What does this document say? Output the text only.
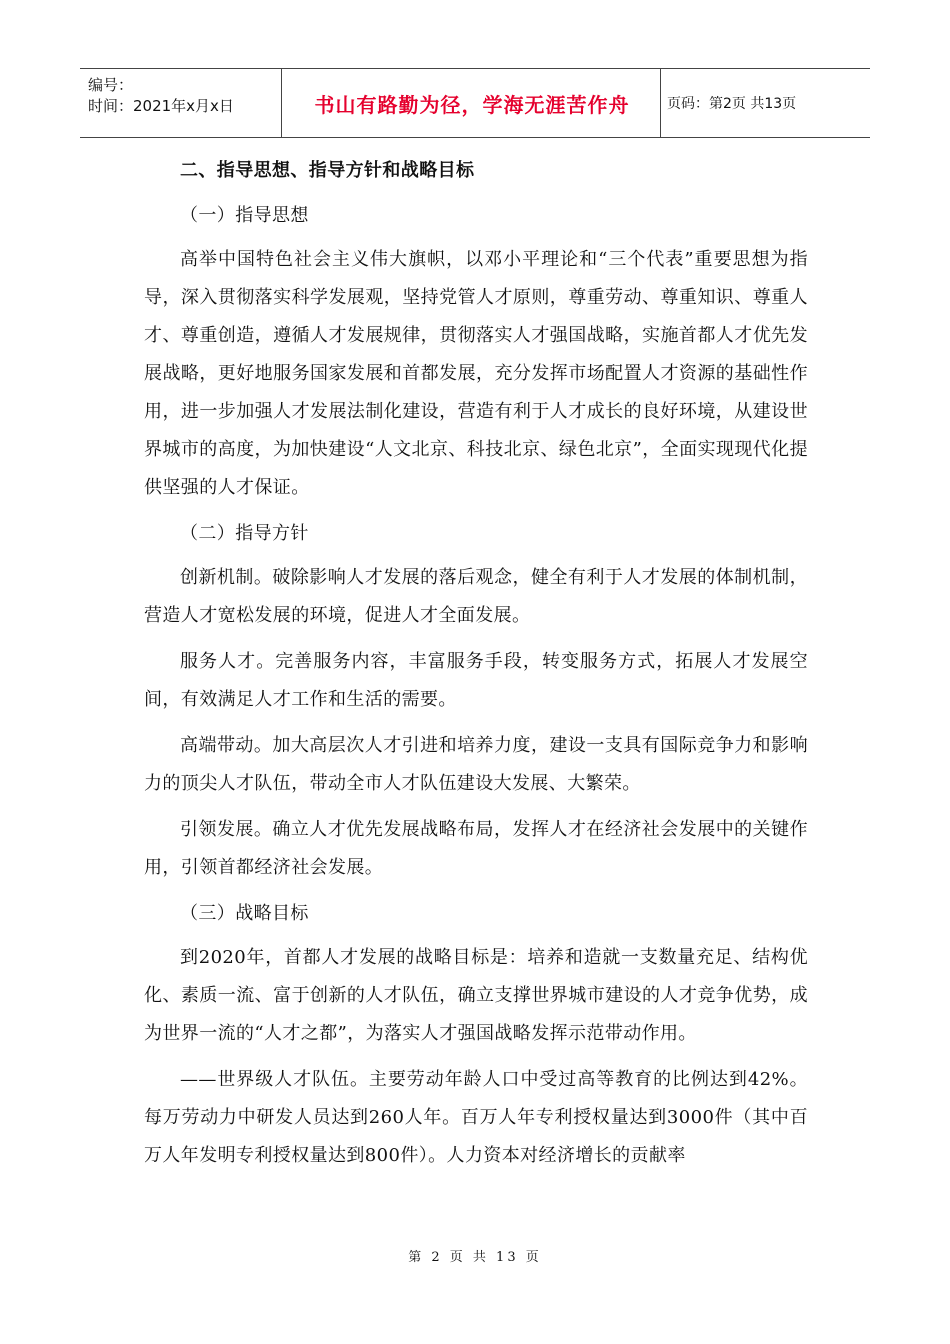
编号：
时间：2021年x月x日	书山有路勤为径，学海无涯苦作舟	页码：第2页 共13页
二、指导思想、指导方针和战略目标
（一）指导思想
高举中国特色社会主义伟大旗帜，以邓小平理论和“三个代表”重要思想为指导，深入贯彻落实科学发展观，坚持党管人才原则，尊重劳动、尊重知识、尊重人才、尊重创造，遵循人才发展规律，贯彻落实人才强国战略，实施首都人才优先发展战略，更好地服务国家发展和首都发展，充分发挥市场配置人才资源的基础性作用，进一步加强人才发展法制化建设，营造有利于人才成长的良好环境，从建设世界城市的高度，为加快建设“人文北京、科技北京、绿色北京”，全面实现现代化提供坚强的人才保证。
（二）指导方针
创新机制。破除影响人才发展的落后观念，健全有利于人才发展的体制机制，营造人才宽松发展的环境，促进人才全面发展。
服务人才。完善服务内容，丰富服务手段，转变服务方式，拓展人才发展空间，有效满足人才工作和生活的需要。
高端带动。加大高层次人才引进和培养力度，建设一支具有国际竞争力和影响力的顶尖人才队伍，带动全市人才队伍建设大发展、大繁荣。
引领发展。确立人才优先发展战略布局，发挥人才在经济社会发展中的关键作用，引领首都经济社会发展。
（三）战略目标
到2020年，首都人才发展的战略目标是：培养和造就一支数量充足、结构优化、素质一流、富于创新的人才队伍，确立支撑世界城市建设的人才竞争优势，成为世界一流的“人才之都”，为落实人才强国战略发挥示范带动作用。
——世界级人才队伍。主要劳动年龄人口中受过高等教育的比例达到42%。每万劳动力中研发人员达到260人年。百万人年专利授权量达到3000件（其中百万人年发明专利授权量达到800件）。人力资本对经济增长的贡献率
第 2 页 共 13 页
